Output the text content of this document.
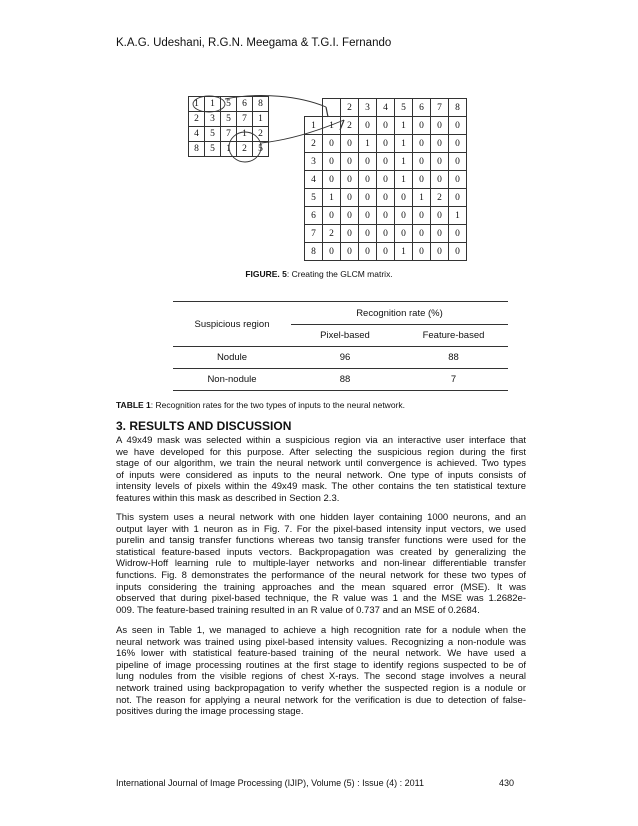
K.A.G. Udeshani, R.G.N. Meegama & T.G.I. Fernando
1	1	5	6	8
2	3	5	7	1
4	5	7	1	2
8	5	1	2	5
		2	3	4	5	6	7	8
1	1	2	0	0	1	0	0	0
2	0	0	1	0	1	0	0	0
3	0	0	0	0	1	0	0	0
4	0	0	0	0	1	0	0	0
5	1	0	0	0	0	1	2	0
6	0	0	0	0	0	0	0	1
7	2	0	0	0	0	0	0	0
8	0	0	0	0	1	0	0	0
FIGURE. 5: Creating the GLCM matrix.
Suspicious region	Recognition rate (%)	
	Pixel-based	Feature-based
Nodule	96	88
Non-nodule	88	7
TABLE 1: Recognition rates for the two types of inputs to the neural network.
3. RESULTS AND DISCUSSION
A 49x49 mask was selected within a suspicious region via an interactive user interface that
we have developed for this purpose. After selecting the suspicious region during the first
stage of our algorithm, we train the neural network until convergence is achieved. Two types
of inputs were considered as inputs to the neural network. One type of inputs consists of
intensity levels of pixels within the 49x49 mask. The other contains the ten statistical texture
features within this mask as described in Section 2.3.
This system uses a neural network with one hidden layer containing 1000 neurons, and an
output layer with 1 neuron as in Fig. 7. For the pixel-based intensity input vectors, we used
purelin and tansig transfer functions whereas two tansig transfer functions were used for the
statistical feature-based inputs vectors. Backpropagation was created by generalizing the
Widrow-Hoff learning rule to multiple-layer networks and non-linear differentiable transfer
functions. Fig. 8 demonstrates the performance of the neural network for these two types of
inputs considering the training approaches and the mean squared error (MSE). It was
observed that during pixel-based technique, the R value was 1 and the MSE was 1.2682e-
009. The feature-based training resulted in an R value of 0.737 and an MSE of 0.2684.
As seen in Table 1, we managed to achieve a high recognition rate for a nodule when the
neural network was trained using pixel-based intensity values. Recognizing a non-nodule was
16% lower with statistical feature-based training of the neural network. We have used a
pipeline of image processing routines at the first stage to identify regions suspected to be of
lung nodules from the visible regions of chest X-rays. The second stage involves a neural
network trained using backpropagation to verify whether the suspected region is a nodule or
not. The reason for applying a neural network for the verification is due to detection of false-
positives during the image processing stage.
International Journal of Image Processing (IJIP), Volume (5) : Issue (4) : 2011	430
